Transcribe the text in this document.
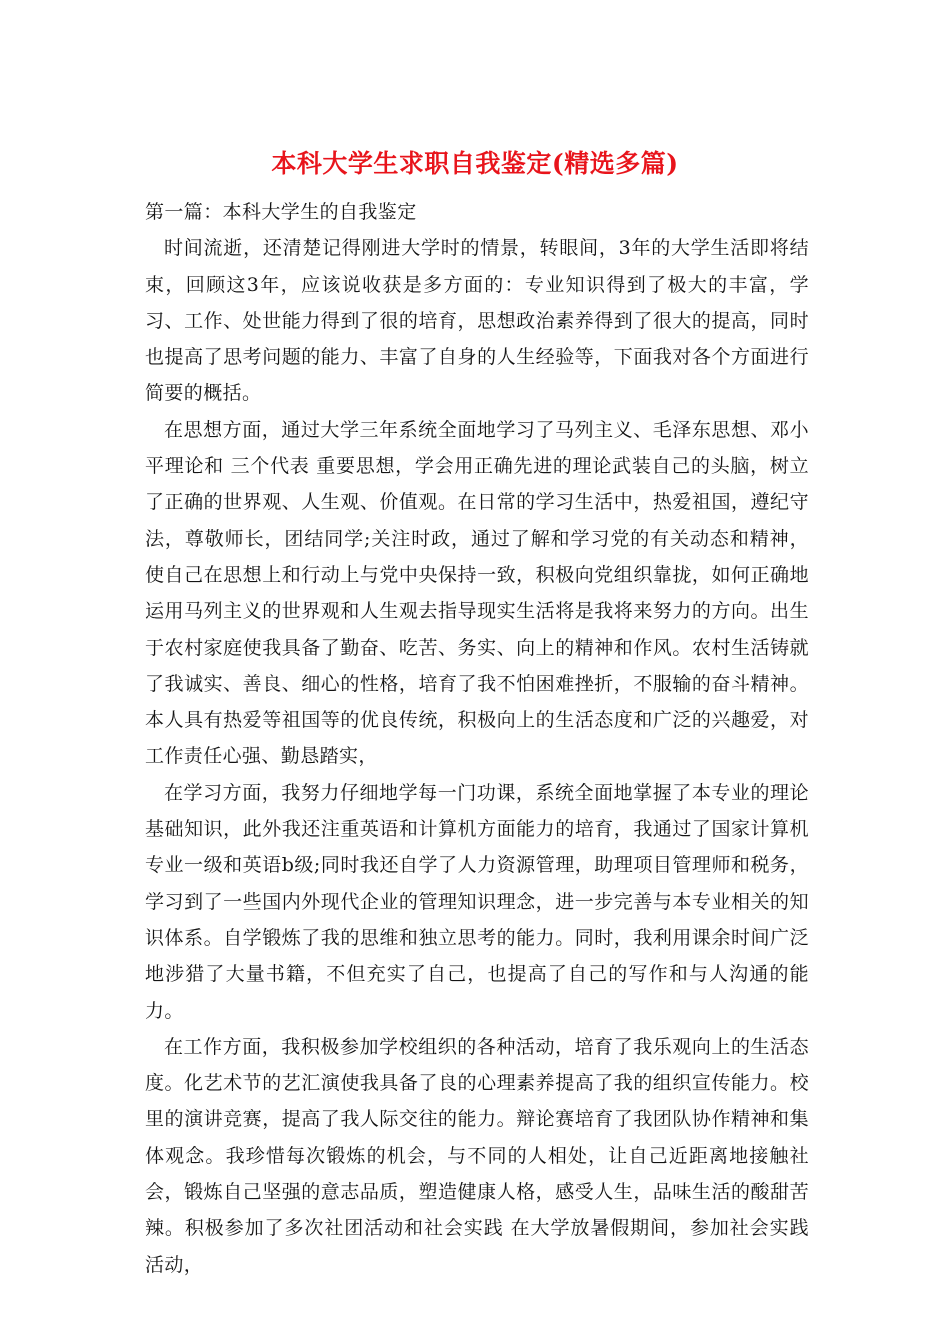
本科大学生求职自我鉴定(精选多篇)

第一篇：本科大学生的自我鉴定

时间流逝，还清楚记得刚进大学时的情景，转眼间，3年的大学生活即将结束，回顾这3年，应该说收获是多方面的：专业知识得到了极大的丰富，学习、工作、处世能力得到了很的培育，思想政治素养得到了很大的提高，同时也提高了思考问题的能力、丰富了自身的人生经验等，下面我对各个方面进行简要的概括。

在思想方面，通过大学三年系统全面地学习了马列主义、毛泽东思想、邓小平理论和 三个代表 重要思想，学会用正确先进的理论武装自己的头脑，树立了正确的世界观、人生观、价值观。在日常的学习生活中，热爱祖国，遵纪守法，尊敬师长，团结同学;关注时政，通过了解和学习党的有关动态和精神，使自己在思想上和行动上与党中央保持一致，积极向党组织靠拢，如何正确地运用马列主义的世界观和人生观去指导现实生活将是我将来努力的方向。出生于农村家庭使我具备了勤奋、吃苦、务实、向上的精神和作风。农村生活铸就了我诚实、善良、细心的性格，培育了我不怕困难挫折，不服输的奋斗精神。 本人具有热爱等祖国等的优良传统，积极向上的生活态度和广泛的兴趣爱，对工作责任心强、勤恳踏实，

在学习方面，我努力仔细地学每一门功课，系统全面地掌握了本专业的理论基础知识，此外我还注重英语和计算机方面能力的培育，我通过了国家计算机专业一级和英语b级;同时我还自学了人力资源管理，助理项目管理师和税务，学习到了一些国内外现代企业的管理知识理念，进一步完善与本专业相关的知识体系。自学锻炼了我的思维和独立思考的能力。同时，我利用课余时间广泛地涉猎了大量书籍，不但充实了自己，也提高了自己的写作和与人沟通的能力。

在工作方面，我积极参加学校组织的各种活动，培育了我乐观向上的生活态度。化艺术节的艺汇演使我具备了良的心理素养提高了我的组织宣传能力。校里的演讲竞赛，提高了我人际交往的能力。辩论赛培育了我团队协作精神和集体观念。我珍惜每次锻炼的机会，与不同的人相处，让自己近距离地接触社会，锻炼自己坚强的意志品质，塑造健康人格，感受人生，品味生活的酸甜苦辣。积极参加了多次社团活动和社会实践 在大学放暑假期间，参加社会实践活动，
